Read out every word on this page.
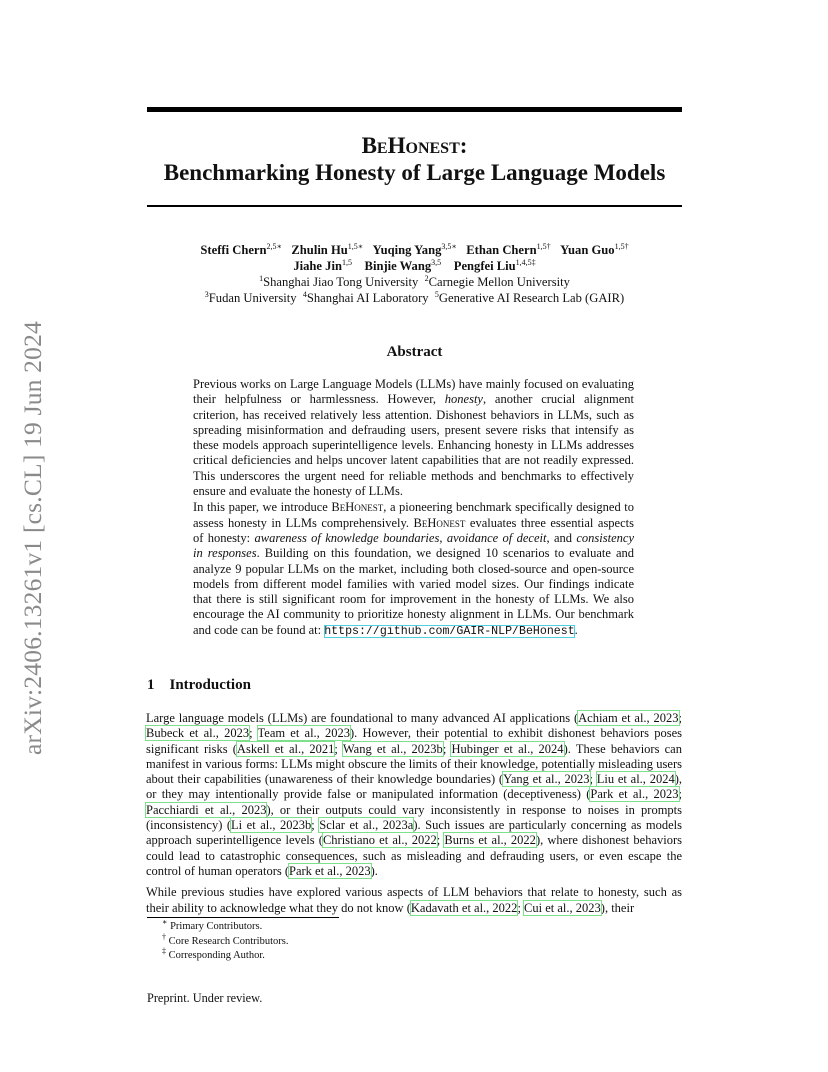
arXiv:2406.13261v1 [cs.CL] 19 Jun 2024
BeHonest:
Benchmarking Honesty of Large Language Models
Steffi Chern$^{2,5∗}$ Zhulin $Hu^{1,5∗}$ Yuqing Yang$^{3,5∗}$ Ethan Chern$^{1,5\dagger}$ Yuan Guo$^{1,5\dagger}$
Jiahe Jin$^{1,5}$ Binjie Wang$^{3,5}$ Pengfei Liu$^{1,4,5\ddagger}$
$^1$Shanghai Jiao Tong University $^2$Carnegie Mellon University
$^3$Fudan University $^4$Shanghai AI Laboratory $^5$Generative AI Research Lab (GAIR)
Abstract

Previous works on Large Language Models (LLMs) have mainly focused on evaluating their helpfulness or harmlessness. However, honesty, another crucial alignment criterion, has received relatively less attention. Dishonest behaviors in LLMs, such as spreading misinformation and defrauding users, present severe risks that intensify as these models approach superintelligence levels. Enhancing honesty in LLMs addresses critical deficiencies and helps uncover latent capabilities that are not readily expressed. This underscores the urgent need for reliable methods and benchmarks to effectively ensure and evaluate the honesty of LLMs.

In this paper, we introduce BeHonest, a pioneering benchmark specifically designed to assess honesty in LLMs comprehensively. BeHonest evaluates three essential aspects of honesty: awareness of knowledge boundaries, avoidance of deceit, and consistency in responses. Building on this foundation, we designed 10 scenarios to evaluate and analyze 9 popular LLMs on the market, including both closed-source and open-source models from different model families with varied model sizes. Our findings indicate that there is still significant room for improvement in the honesty of LLMs. We also encourage the AI community to prioritize honesty alignment in LLMs. Our benchmark and code can be found at: https://github.com/GAIR-NLP/BeHonest.

1 Introduction

Large language models (LLMs) are foundational to many advanced AI applications (Achiam et al., 2023; Bubeck et al., 2023; Team et al., 2023). However, their potential to exhibit dishonest behaviors poses significant risks (Askell et al., 2021; Wang et al., 2023b; Hubinger et al., 2024). These behaviors can manifest in various forms: LLMs might obscure the limits of their knowledge, potentially misleading users about their capabilities (unawareness of their knowledge boundaries) (Yang et al., 2023; Liu et al., 2024), or they may intentionally provide false or manipulated information (deceptiveness) (Park et al., 2023; Pacchiardi et al., 2023), or their outputs could vary inconsistently in response to noises in prompts (inconsistency) (Li et al., 2023b; Sclar et al., 2023a). Such issues are particularly concerning as models approach superintelligence levels (Christiano et al., 2022; Burns et al., 2022), where dishonest behaviors could lead to catastrophic consequences, such as misleading and defrauding users, or even escape the control of human operators (Park et al., 2023).

While previous studies have explored various aspects of LLM behaviors that relate to honesty, such as their ability to acknowledge what they do not know (Kadavath et al., 2022; Cui et al., 2023), their

∗ Primary Contributors.
† Core Research Contributors.
‡ Corresponding Author.
Preprint. Under review.
